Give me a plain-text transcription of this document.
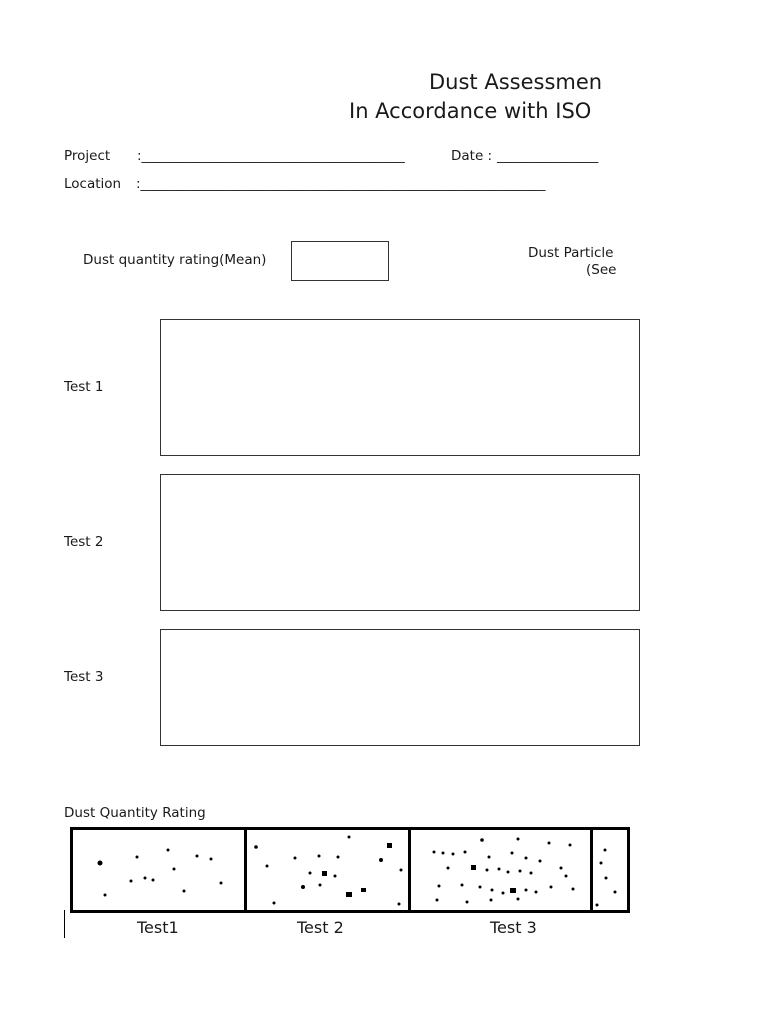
Dust Assessmen
In Accordance with ISO
Project :_______________________________________	Date : _______________
Location :____________________________________________________________
Dust quantity rating(Mean)	Dust Particle
(See
Test 1
Test 2
Test 3
Dust Quantity Rating
Test1	Test 2	Test 3
